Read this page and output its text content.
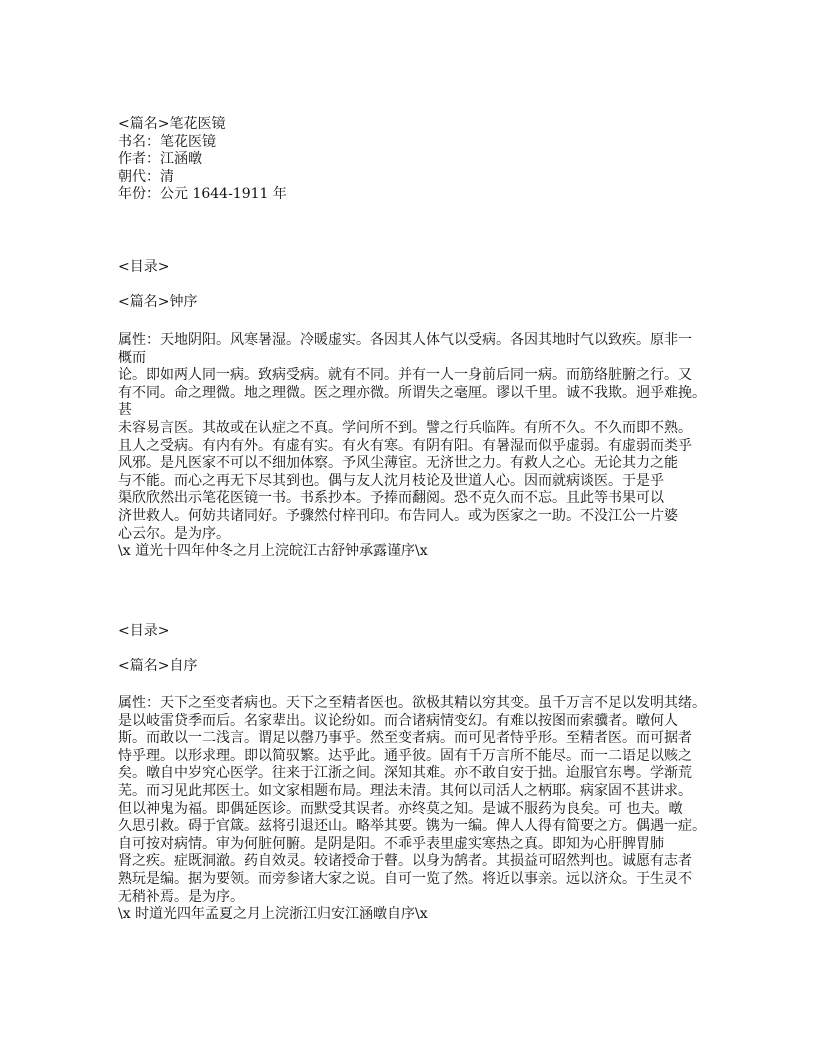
<篇名>笔花医镜
书名：笔花医镜
作者：江涵暾
朝代：清
年份：公元 1644-1911 年
<目录>
<篇名>钟序
属性：天地阴阳。风寒暑湿。冷暖虚实。各因其人体气以受病。各因其地时气以致疾。原非一
概而
论。即如两人同一病。致病受病。就有不同。并有一人一身前后同一病。而筋络脏腑之行。又
有不同。命之理微。地之理微。医之理亦微。所谓失之毫厘。谬以千里。诚不我欺。迥乎难挽。
甚
未容易言医。其故或在认症之不真。学问所不到。譬之行兵临阵。有所不久。不久而即不熟。
且人之受病。有内有外。有虚有实。有火有寒。有阴有阳。有暑湿而似乎虚弱。有虚弱而类乎
风邪。是凡医家不可以不细加体察。予风尘薄宦。无济世之力。有救人之心。无论其力之能
与不能。而心之再无下尽其到也。偶与友人沈月枝论及世道人心。因而就病谈医。于是乎
渠欣欣然出示笔花医镜一书。书系抄本。予捧而翻阅。恐不克久而不忘。且此等书果可以
济世救人。何妨共诸同好。予骤然付梓刊印。布告同人。或为医家之一助。不没江公一片婆
心云尔。是为序。
\x 道光十四年仲冬之月上浣皖江古舒钟承露谨序\x
<目录>
<篇名>自序
属性：天下之至变者病也。天下之至精者医也。欲极其精以穷其变。虽千万言不足以发明其绪。
是以岐雷贷季而后。名家辈出。议论纷如。而合诸病情变幻。有难以按图而索骥者。暾何人
斯。而敢以一二浅言。谓足以罄乃事乎。然至变者病。而可见者恃乎形。至精者医。而可据者
恃乎理。以形求理。即以简驭繁。达乎此。通乎彼。固有千万言所不能尽。而一二语足以赅之
矣。暾自中岁究心医学。往来于江浙之间。深知其难。亦不敢自安于拙。迨服官东粤。学渐荒
芜。而习见此邦医士。如文家相题布局。理法未清。其何以司活人之柄耶。病家固不甚讲求。
但以神鬼为福。即偶延医诊。而默受其误者。亦终莫之知。是诚不服药为良矣。可 也夫。暾
久思引救。碍于官箴。兹将引退还山。略举其要。镌为一编。俾人人得有简要之方。偶遇一症。
自可按对病情。审为何脏何腑。是阴是阳。不乖乎表里虚实寒热之真。即知为心肝脾胃肺
肾之疾。症既洞澈。药自效灵。较诸授命于瞽。以身为鹄者。其损益可昭然判也。诚愿有志者
熟玩是编。据为要领。而旁参诸大家之说。自可一览了然。将近以事亲。远以济众。于生灵不
无稍补焉。是为序。
\x 时道光四年孟夏之月上浣浙江归安江涵暾自序\x
